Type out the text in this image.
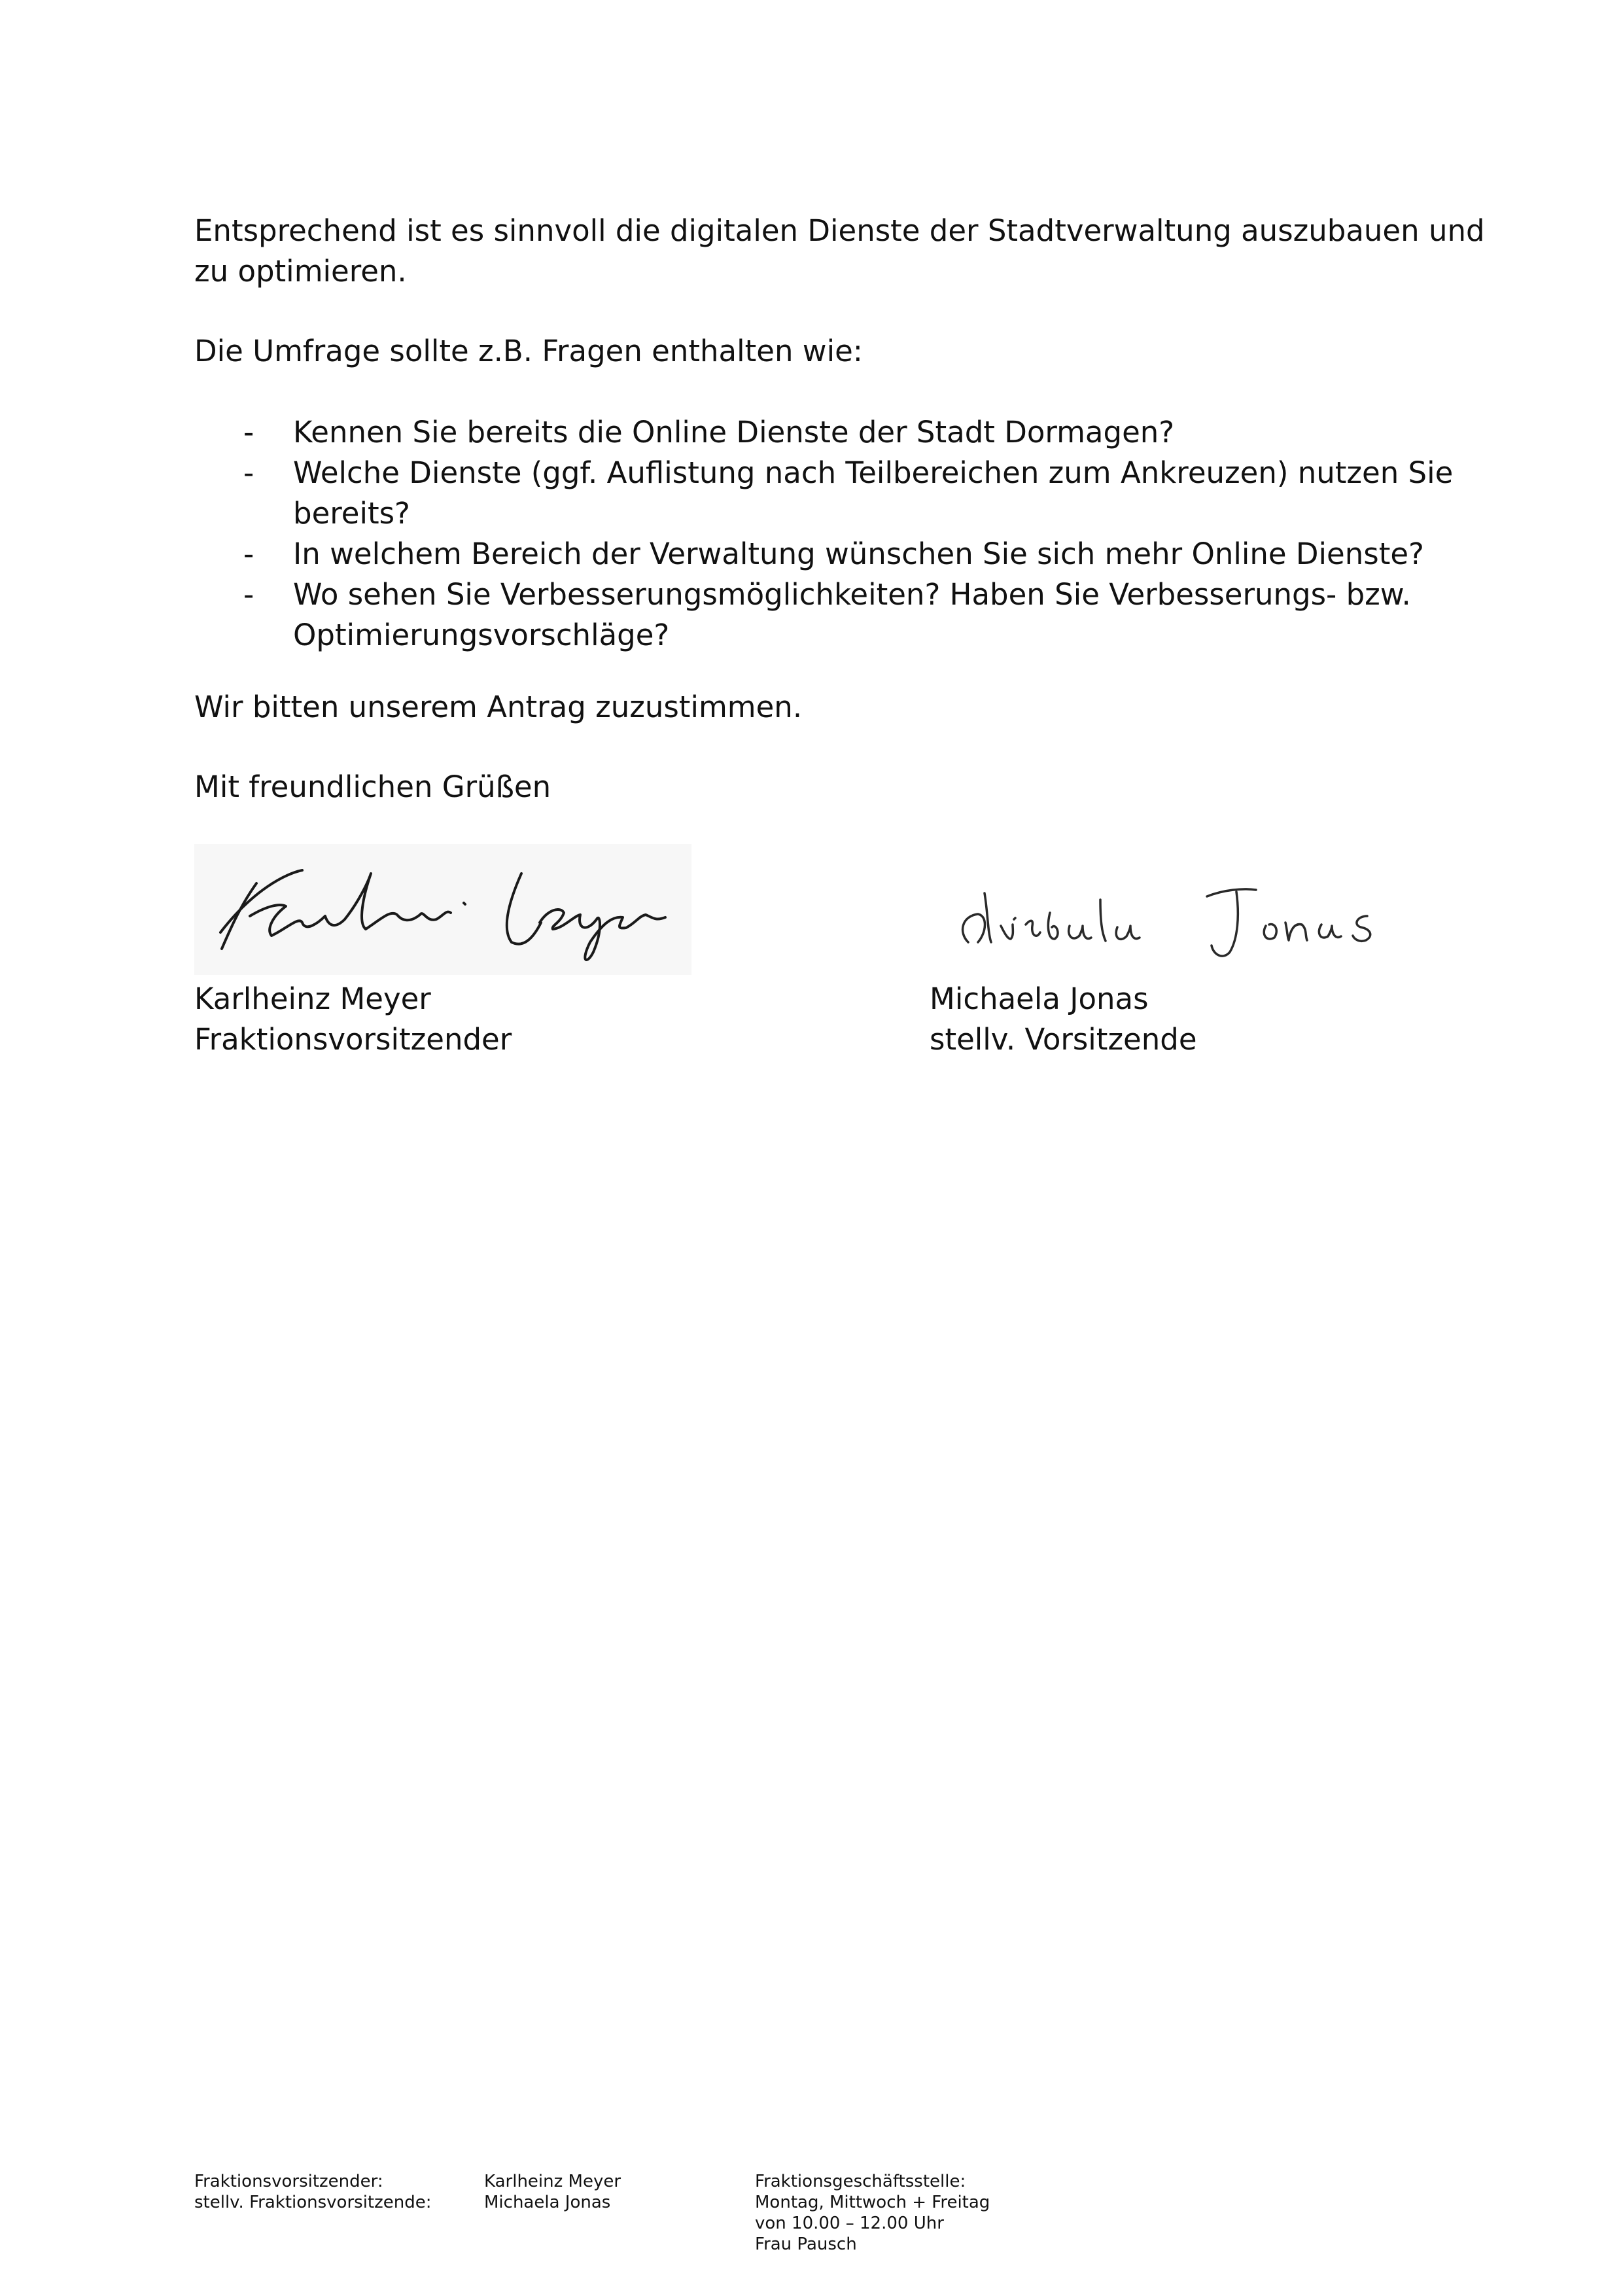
Entsprechend ist es sinnvoll die digitalen Dienste der Stadtverwaltung auszubauen und zu optimieren.

Die Umfrage sollte z.B. Fragen enthalten wie:

- Kennen Sie bereits die Online Dienste der Stadt Dormagen?
- Welche Dienste (ggf. Auflistung nach Teilbereichen zum Ankreuzen) nutzen Sie bereits?
- In welchem Bereich der Verwaltung wünschen Sie sich mehr Online Dienste?
- Wo sehen Sie Verbesserungsmöglichkeiten? Haben Sie Verbesserungs- bzw. Optimierungsvorschläge?

Wir bitten unserem Antrag zuzustimmen.

Mit freundlichen Grüßen

Karlheinz Meyer
Fraktionsvorsitzender
Michaela Jonas
stellv. Vorsitzende
Fraktionsvorsitzender:
stellv. Fraktionsvorsitzende:
Karlheinz Meyer
Michaela Jonas
Fraktionsgeschäftsstelle:
Montag, Mittwoch + Freitag
von 10.00 – 12.00 Uhr
Frau Pausch
